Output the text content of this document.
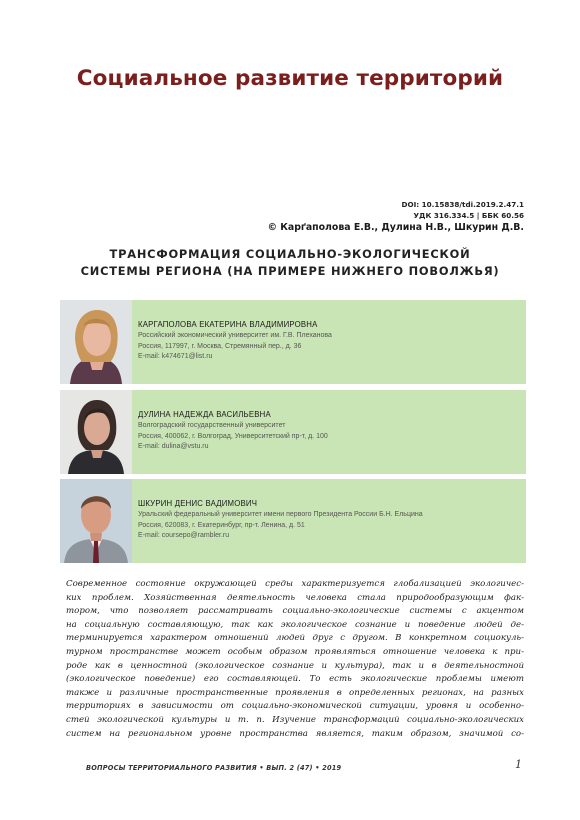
Социальное развитие территорий
DOI: 10.15838/tdi.2019.2.47.1
УДК 316.334.5 | ББК 60.56
© Карґаполова Е.В., Дулина Н.В., Шкурин Д.В.
ТРАНСФОРМАЦИЯ СОЦИАЛЬНО-ЭКОЛОГИЧЕСКОЙ
СИСТЕМЫ РЕГИОНА (НА ПРИМЕРЕ НИЖНЕГО ПОВОЛЖЬЯ)
КАРГАПОЛОВА ЕКАТЕРИНА ВЛАДИМИРОВНА
Российский экономический университет им. Г.В. Плеханова
Россия, 117997, г. Москва, Стремянный пер., д. 36
E-mail: k474671@list.ru
ДУЛИНА НАДЕЖДА ВАСИЛЬЕВНА
Волгоградский государственный университет
Россия, 400062, г. Волгоград, Университетский пр-т, д. 100
E-mail: dulina@vstu.ru
ШКУРИН ДЕНИС ВАДИМОВИЧ
Уральский федеральный университет имени первого Президента России Б.Н. Ельцина
Россия, 620083, г. Екатеринбург, пр-т. Ленина, д. 51
E-mail: coursepo@rambler.ru
Современное состояние окружающей среды характеризуется глобализацией экологичес-
ких проблем. Хозяйственная деятельность человека стала природообразующим фак-
тором, что позволяет рассматривать социально-экологические системы с акцентом
на социальную составляющую, так как экологическое сознание и поведение людей де-
терминируется характером отношений людей друг с другом. В конкретном социокуль-
турном пространстве может особым образом проявляться отношение человека к при-
роде как в ценностной (экологическое сознание и культура), так и в деятельностной
(экологическое поведение) его составляющей. То есть экологические проблемы имеют
также и различные пространственные проявления в определенных регионах, на разных
территориях в зависимости от социально-экономической ситуации, уровня и особенно-
стей экологической культуры и т. п. Изучение трансформаций социально-экологических
систем на региональном уровне пространства является, таким образом, значимой со-
ВОПРОСЫ ТЕРРИТОРИАЛЬНОГО РАЗВИТИЯ • ВЫП. 2 (47) • 2019	1
